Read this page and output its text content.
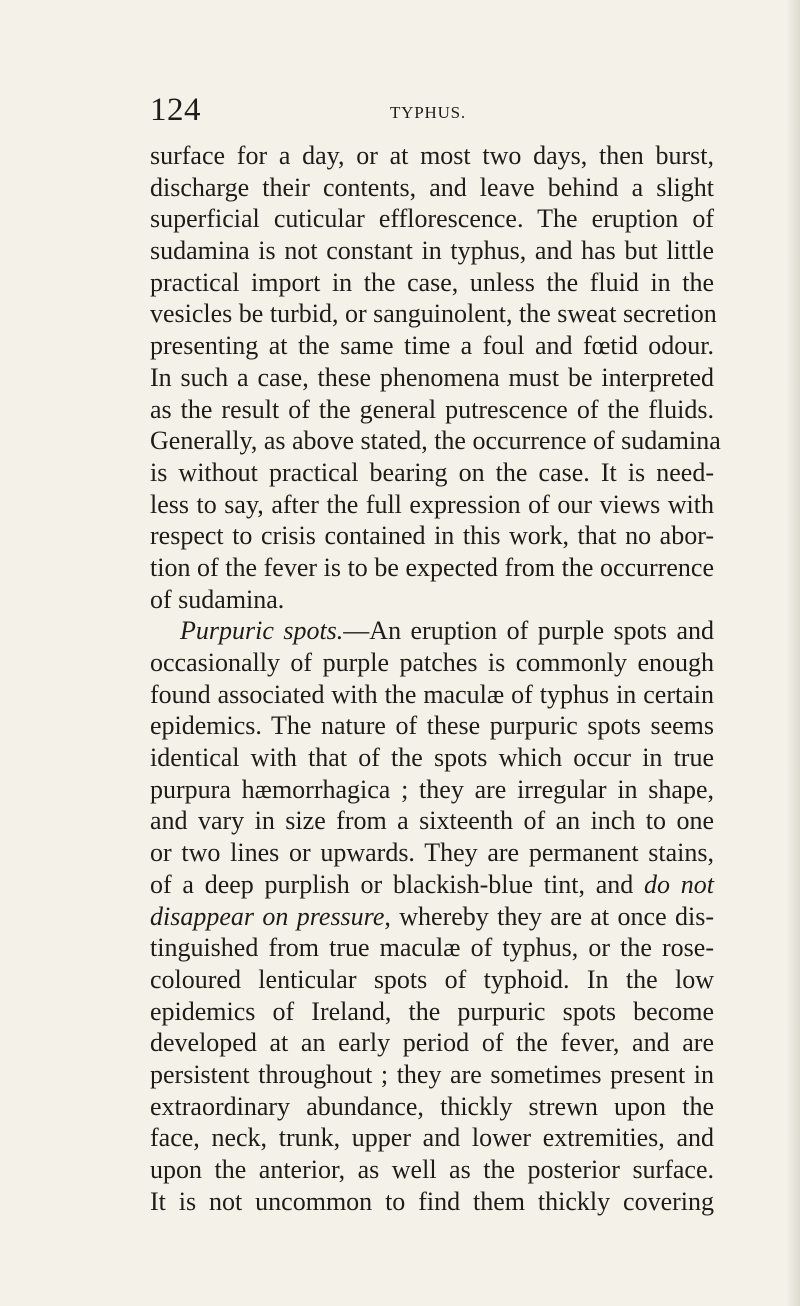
124	TYPHUS.
surface for a day, or at most two days, then burst,
discharge their contents, and leave behind a slight
superficial cuticular efflorescence. The eruption of
sudamina is not constant in typhus, and has but little
practical import in the case, unless the fluid in the
vesicles be turbid, or sanguinolent, the sweat secretion
presenting at the same time a foul and fœtid odour.
In such a case, these phenomena must be interpreted
as the result of the general putrescence of the fluids.
Generally, as above stated, the occurrence of sudamina
is without practical bearing on the case. It is need-
less to say, after the full expression of our views with
respect to crisis contained in this work, that no abor-
tion of the fever is to be expected from the occurrence
of sudamina.
Purpuric spots.—An eruption of purple spots and
occasionally of purple patches is commonly enough
found associated with the maculæ of typhus in certain
epidemics. The nature of these purpuric spots seems
identical with that of the spots which occur in true
purpura hæmorrhagica ; they are irregular in shape,
and vary in size from a sixteenth of an inch to one
or two lines or upwards. They are permanent stains,
of a deep purplish or blackish-blue tint, and do not
disappear on pressure, whereby they are at once dis-
tinguished from true maculæ of typhus, or the rose-
coloured lenticular spots of typhoid. In the low
epidemics of Ireland, the purpuric spots become
developed at an early period of the fever, and are
persistent throughout ; they are sometimes present in
extraordinary abundance, thickly strewn upon the
face, neck, trunk, upper and lower extremities, and
upon the anterior, as well as the posterior surface.
It is not uncommon to find them thickly covering
